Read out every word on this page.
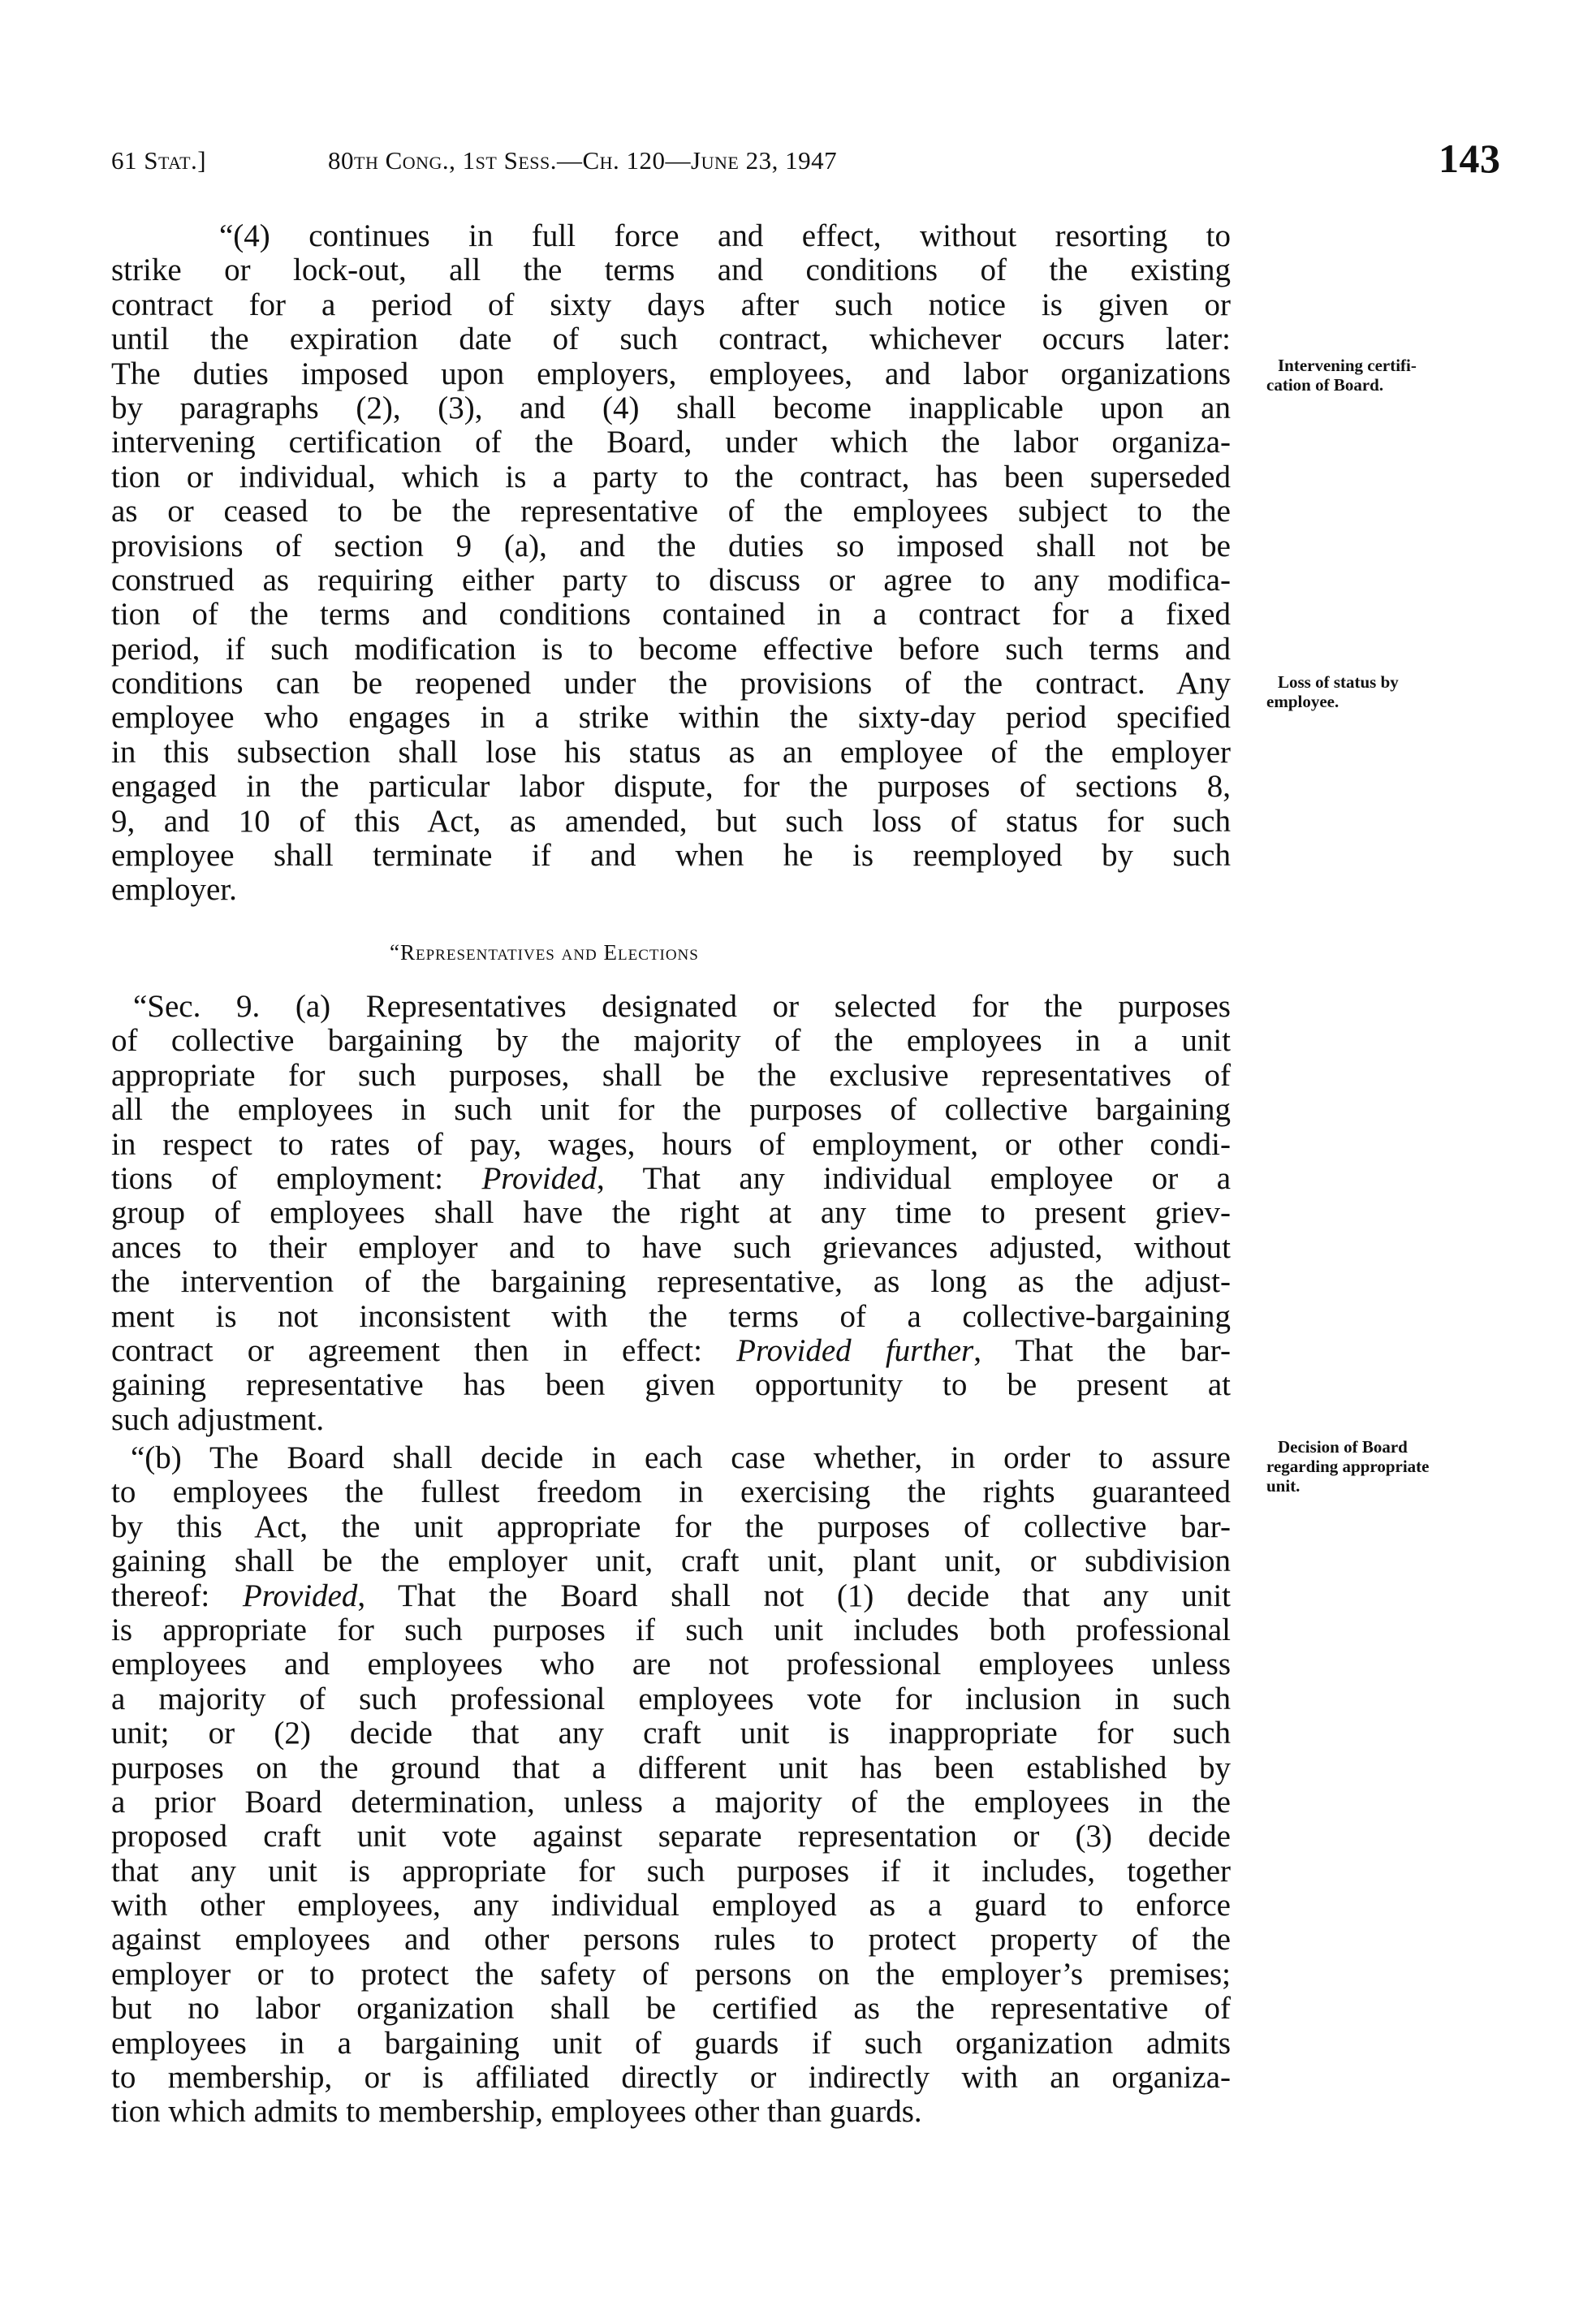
61 Stat.]	80th Cong., 1st Sess.—Ch. 120—June 23, 1947	143
“(4) continues in full force and effect, without resorting to
strike or lock-out, all the terms and conditions of the existing
contract for a period of sixty days after such notice is given or
until the expiration date of such contract, whichever occurs later:
The duties imposed upon employers, employees, and labor organizations
by paragraphs (2), (3), and (4) shall become inapplicable upon an
intervening certification of the Board, under which the labor organiza-
tion or individual, which is a party to the contract, has been superseded
as or ceased to be the representative of the employees subject to the
provisions of section 9 (a), and the duties so imposed shall not be
construed as requiring either party to discuss or agree to any modifica-
tion of the terms and conditions contained in a contract for a fixed
period, if such modification is to become effective before such terms and
conditions can be reopened under the provisions of the contract. Any
employee who engages in a strike within the sixty-day period specified
in this subsection shall lose his status as an employee of the employer
engaged in the particular labor dispute, for the purposes of sections 8,
9, and 10 of this Act, as amended, but such loss of status for such
employee shall terminate if and when he is reemployed by such
employer.
“Representatives and Elections
“Sec. 9. (a) Representatives designated or selected for the purposes
of collective bargaining by the majority of the employees in a unit
appropriate for such purposes, shall be the exclusive representatives of
all the employees in such unit for the purposes of collective bargaining
in respect to rates of pay, wages, hours of employment, or other condi-
tions of employment: Provided, That any individual employee or a
group of employees shall have the right at any time to present griev-
ances to their employer and to have such grievances adjusted, without
the intervention of the bargaining representative, as long as the adjust-
ment is not inconsistent with the terms of a collective-bargaining
contract or agreement then in effect: Provided further, That the bar-
gaining representative has been given opportunity to be present at
such adjustment.
“(b) The Board shall decide in each case whether, in order to assure
to employees the fullest freedom in exercising the rights guaranteed
by this Act, the unit appropriate for the purposes of collective bar-
gaining shall be the employer unit, craft unit, plant unit, or subdivision
thereof: Provided, That the Board shall not (1) decide that any unit
is appropriate for such purposes if such unit includes both professional
employees and employees who are not professional employees unless
a majority of such professional employees vote for inclusion in such
unit; or (2) decide that any craft unit is inappropriate for such
purposes on the ground that a different unit has been established by
a prior Board determination, unless a majority of the employees in the
proposed craft unit vote against separate representation or (3) decide
that any unit is appropriate for such purposes if it includes, together
with other employees, any individual employed as a guard to enforce
against employees and other persons rules to protect property of the
employer or to protect the safety of persons on the employer’s premises;
but no labor organization shall be certified as the representative of
employees in a bargaining unit of guards if such organization admits
to membership, or is affiliated directly or indirectly with an organiza-
tion which admits to membership, employees other than guards.
Intervening certifi-
cation of Board.
Loss of status by
employee.
Decision of Board
regarding appropriate
unit.
